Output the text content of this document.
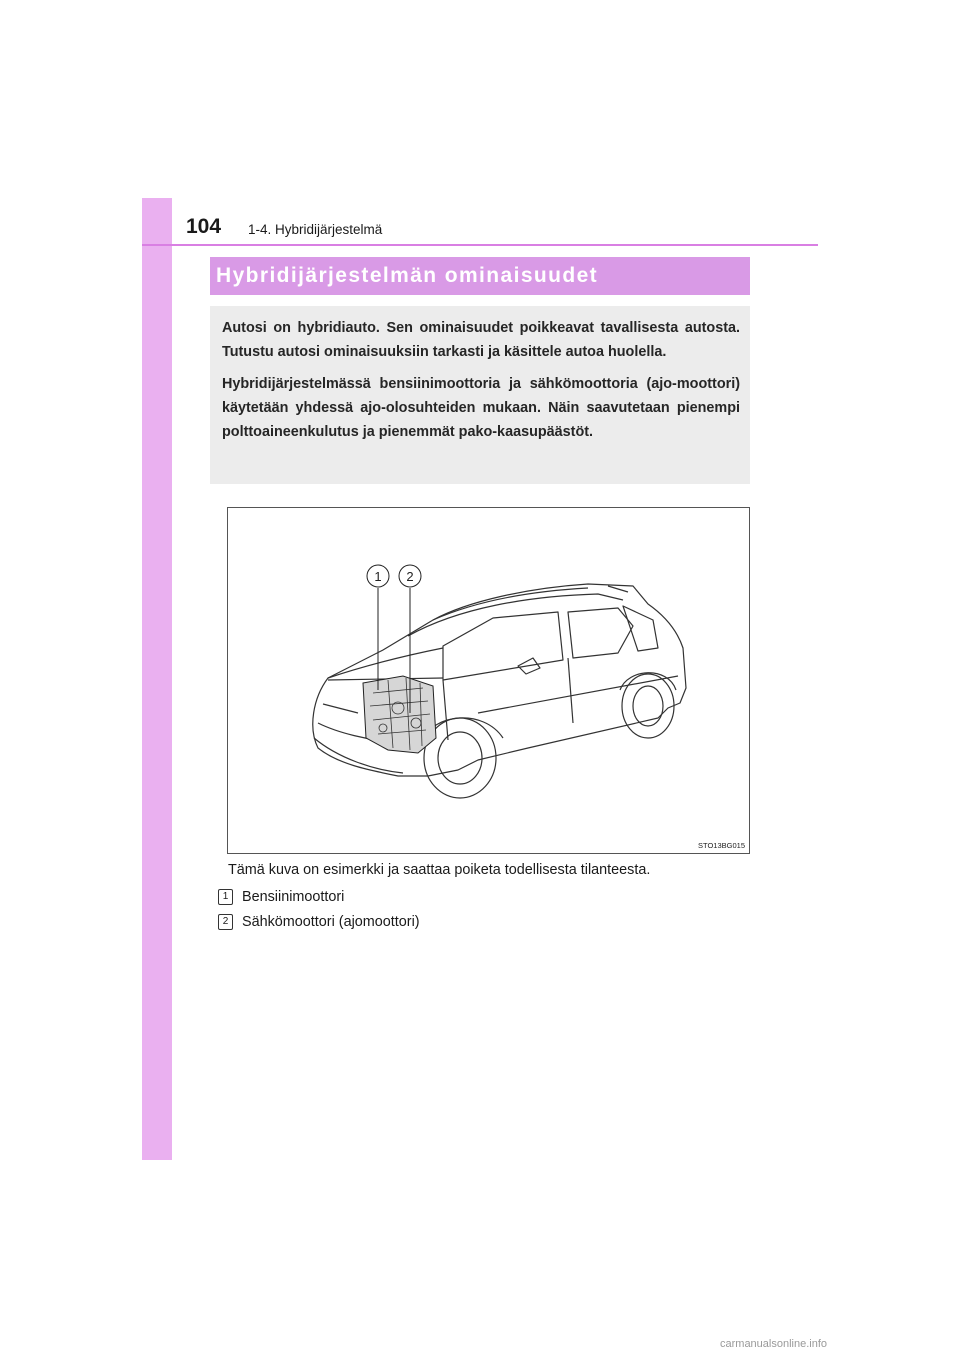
104 1-4. Hybridijärjestelmä
Hybridijärjestelmän ominaisuudet

Autosi on hybridiauto. Sen ominaisuudet poikkeavat tavallisesta autosta. Tutustu autosi ominaisuuksiin tarkasti ja käsittele autoa huolella.

Hybridijärjestelmässä bensiinimoottoria ja sähkömoottoria (ajo-moottori) käytetään yhdessä ajo-olosuhteiden mukaan. Näin saavutetaan pienempi polttoaineenkulutus ja pienemmät pako-kaasupäästöt.

1 2
STO13BG015
Tämä kuva on esimerkki ja saattaa poiketa todellisesta tilanteesta.
1 Bensiinimoottori
2 Sähkömoottori (ajomoottori)
carmanualsonline.info
